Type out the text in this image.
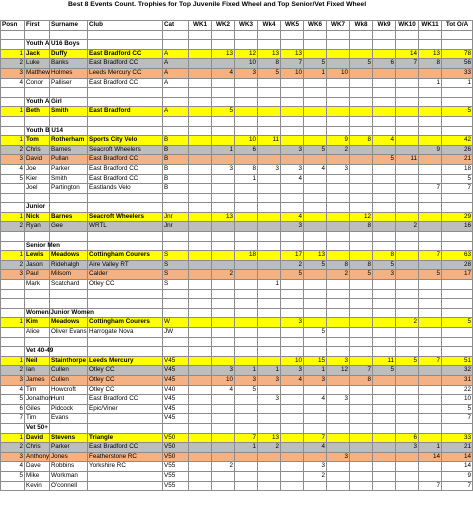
Best 8 Events Count. Trophies for Top Juvenile Fixed Wheel and Top Senior/Vet Fixed Wheel
Posn	First	Surname	Club	Cat	WK1	WK2	WK3	Wk4	WK5	WK6	WK7	Wk8	Wk9	WK10	WK11	Tot O/A

	Youth A U16 Boys															
1	Jack	Duffy	East Bradford CC	A		13	12	13	13					14	13	78
2	Luke	Banks	East Bradford CC	A			10	8	7	5		5	6	7	8	56
3	Matthew	Holmes	Leeds Mercury CC	A		4	3	5	10	1	10					33
4	Conor	Palliser	East Bradford CC	A											1	1

	Youth A Girl															
1	Beth	Smith	East Bradford	A		5										5

	Youth B U14															
1	Tom	Rotherham	Sports City Velo	B			10	11			9	8	4			42
2	Chris	Barnes	Seacroft Wheelers	B		1	6		3	5	2				9	26
3	David	Pullan	East Bradford CC	B									5	11		21
4	Joe	Parker	East Bradford CC	B		3	8	3	3	4	3					18
5	Kier	Smith	East Bradford CC	B			1		4							5
	Joel	Partington	Eastlands Velo	B											7	7

	Junior															
1	Nick	Barnes	Seacroft Wheelers	Jnr		13			4			12				29
2	Ryan	Gee	WRTL	Jnr					3			8		2		16

	Senior Men															
1	Lewis	Meadows	Cottingham Courers	S			18		17	13			8		7	63
2	Jason	Ridehalgh	Aire Valley RT	S					2	5	8	8	5			28
3	Paul	Milsom	Calder	S		2			5		2	5	3		5	17
	Mark	Scatchard	Otley CC	S				1								

	Women/Junior Women															
1	Kim	Meadows	Cottingham Courers	W					3					2		5
	Alice	Oliver Evans	Harrogate Nova	JW						5						

	Vet 40-49															
1	Neil	Stainthorpe	Leeds Mercury	V45					10	15	3		11	5	7	51
2	Ian	Cullen	Otley CC	V45		3	1	1	3	1	12	7	5			32
3	James	Cullen	Otley CC	V45		10	3	3	4	3		8				31
4	Tim	Howcroft	Otley CC	V40		4	5									22
5	Jonathon	Hunt	East Bradford CC	V45				3		4	3					10
6	Giles	Pidcock	Epic/Viner	V45												5
7	Tim	Evans		V45												7
	Vet 50+															
1	David	Stevens	Triangle	V50			7	13		7				6		33
2	Chris	Parker	East Bradford CC	V50			1	2		4				3	1	21
3	Anthony	Jones	Featherstone RC	V50							3				14	14
4	Dave	Robbins	Yorkshire RC	V55		2				3						14
5	Mike	Workman		V55						2						9
	Kevin	O'connell		V55											7	7
